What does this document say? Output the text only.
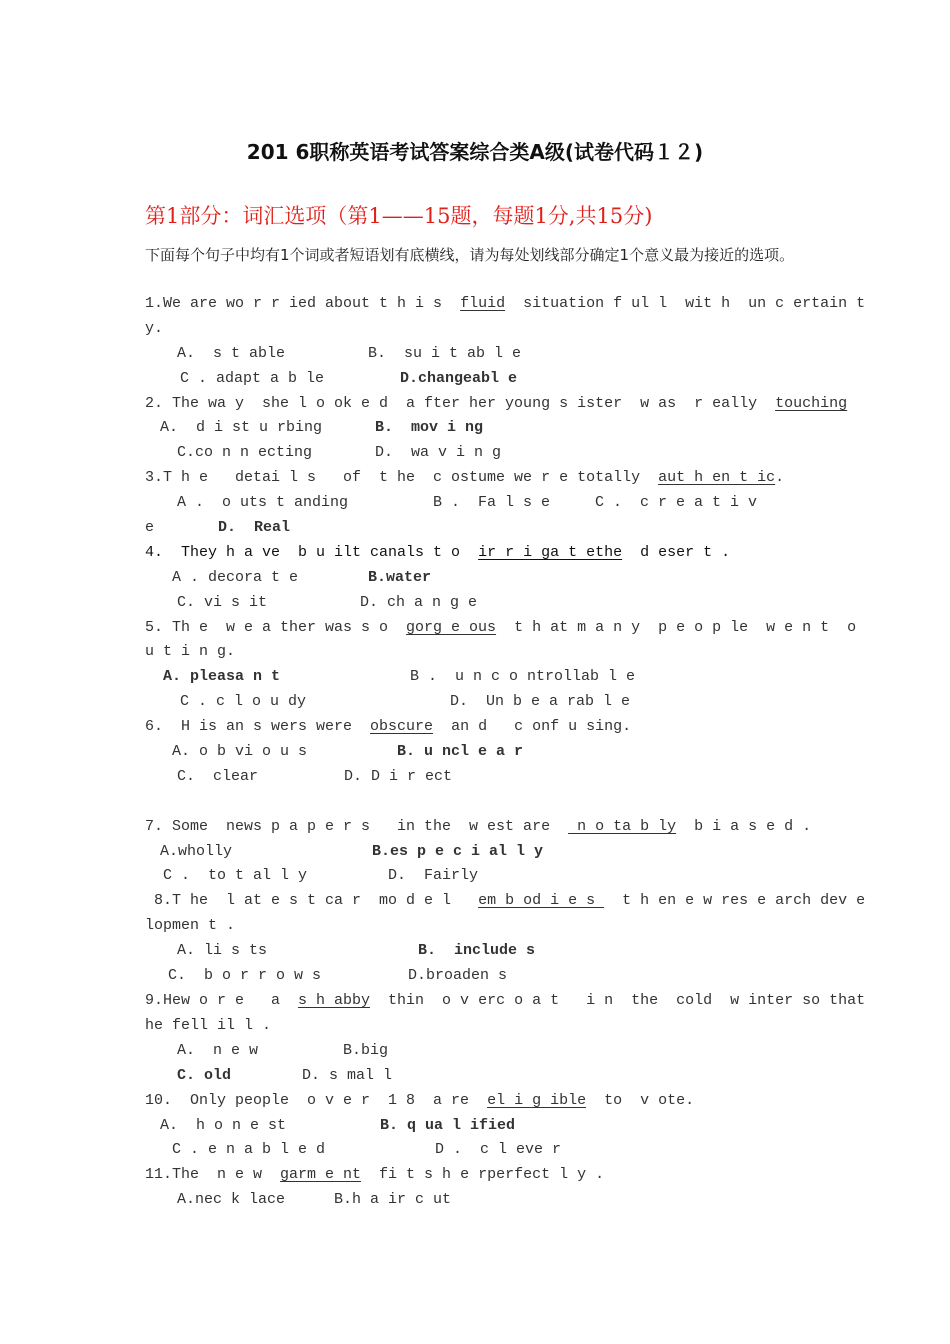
201 6职称英语考试答案综合类A级(试卷代码１２)
第1部分：词汇选项（第1——15题，每题1分,共15分)
下面每个句子中均有1个词或者短语划有底横线，请为每处划线部分确定1个意义最为接近的选项。
1.We are wo r r ied about t h i s  fluid  situation f ul l  wit h  un c ertain t
y.
A.  s t able	B.  su i t ab l e
C . adapt a b le	D.changeabl e
2. The wa y  she l o ok e d  a fter her young s ister  w as  r eally  touching
A.  d i st u rbing	B.  mov i ng
C.co n n ecting	D.  wa v i n g
3.T h e   detai l s   of  t he  c ostume we r e totally  aut h en t ic.
A .  o uts t anding	B .  Fa l s e	C .  c r e a t i v
e	D.  Real
4.  They h a ve  b u ilt canals t o  ir r i ga t ethe  d eser t .
A . decora t e	B.water
C. vi s it	D. ch a n g e
5. Th e  w e a ther was s o  gorg e ous  t h at m a n y  p e o p le  w e n t  o
u t i n g.
A. pleasa n t	B .  u n c o ntrollab l e
C . c l o u dy	D.  Un b e a rab l e
6.  H is an s wers were  obscure  an d   c onf u sing.
A. o b vi o u s	B. u ncl e a r
C.  clear	D. D i r ect
7. Some  news p a p e r s   in the  w est are   n o ta b ly  b i a s e d .
A.wholly	B.es p e c i al l y
C .  to t al l y	D.  Fairly
8.T he  l at e s t ca r  mo d e l   em b od i e s   t h en e w res e arch dev e
lopmen t .
A. li s ts	B.  include s
C.  b o r r o w s	D.broaden s
9.Hew o r e   a  s h abby  thin  o v erc o a t   i n  the  cold  w inter so that
he fell il l .
A.  n e w	B.big
C. old	D. s mal l
10.  Only people  o v e r  1 8  a re  el i g ible  to  v ote.
A.  h o n e st	B. q ua l ified
C . e n a b l e d	D .  c l eve r
11.The  n e w  garm e nt  fi t s h e rperfect l y .
A.nec k lace	B.h a ir c ut
